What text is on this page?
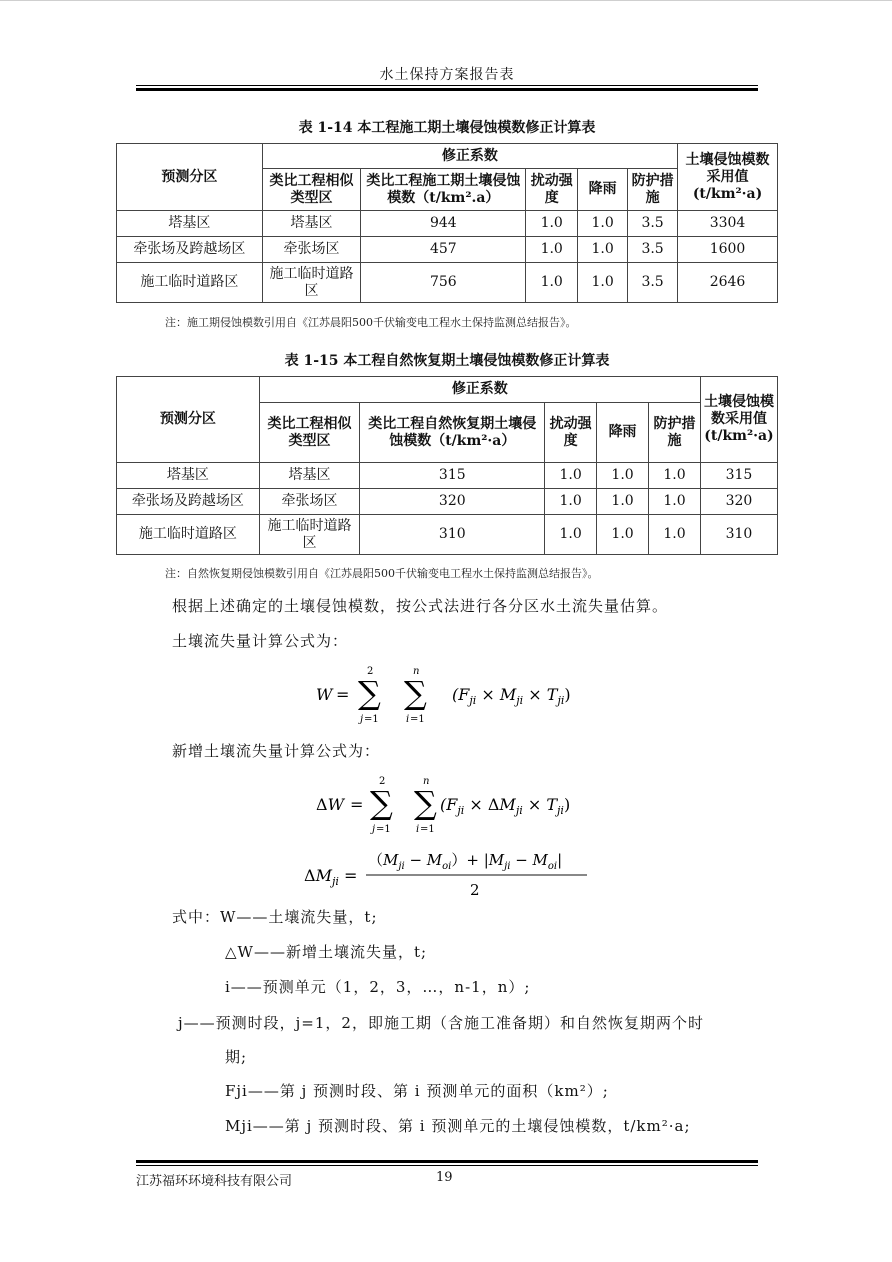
水土保持方案报告表
表 1-14 本工程施工期土壤侵蚀模数修正计算表
预测分区	修正系数					土壤侵蚀模数采用值(t/km²·a)
	类比工程相似类型区	类比工程施工期土壤侵蚀模数（t/km².a）	扰动强度	降雨	防护措施	
塔基区	塔基区	944	1.0	1.0	3.5	3304
牵张场及跨越场区	牵张场区	457	1.0	1.0	3.5	1600
施工临时道路区	施工临时道路区	756	1.0	1.0	3.5	2646
注：施工期侵蚀模数引用自《江苏晨阳500千伏输变电工程水土保持监测总结报告》。
表 1-15 本工程自然恢复期土壤侵蚀模数修正计算表
预测分区	修正系数					土壤侵蚀模数采用值(t/km²·a)
	类比工程相似类型区	类比工程自然恢复期土壤侵蚀模数（t/km²·a）	扰动强度	降雨	防护措施	
塔基区	塔基区	315	1.0	1.0	1.0	315
牵张场及跨越场区	牵张场区	320	1.0	1.0	1.0	320
施工临时道路区	施工临时道路区	310	1.0	1.0	1.0	310
注：自然恢复期侵蚀模数引用自《江苏晨阳500千伏输变电工程水土保持监测总结报告》。
根据上述确定的土壤侵蚀模数，按公式法进行各分区水土流失量估算。
土壤流失量计算公式为：
W = ∑
2
j =1
∑
n
i =1
$(F_{ji} \times M_{ji} \times T_{ji})$
新增土壤流失量计算公式为：
ΔW = ∑
2
j =1
∑
n
i =1
$(F_{ji} \times \Delta M_{ji} \times T_{ji})$
$\Delta M_{ji}$ =
$(M_{ji} - M_{oi})+ |M_{ji} - M_{oi}|$
2
式中：W——土壤流失量，t;
△W——新增土壤流失量，t;
i——预测单元（1，2，3，…，n-1，n）;
j——预测时段，j=1，2，即施工期（含施工准备期）和自然恢复期两个时
期;
Fji——第 j 预测时段、第 i 预测单元的面积（km²）;
Mji——第 j 预测时段、第 i 预测单元的土壤侵蚀模数，t/km²·a;
江苏福环环境科技有限公司	19
